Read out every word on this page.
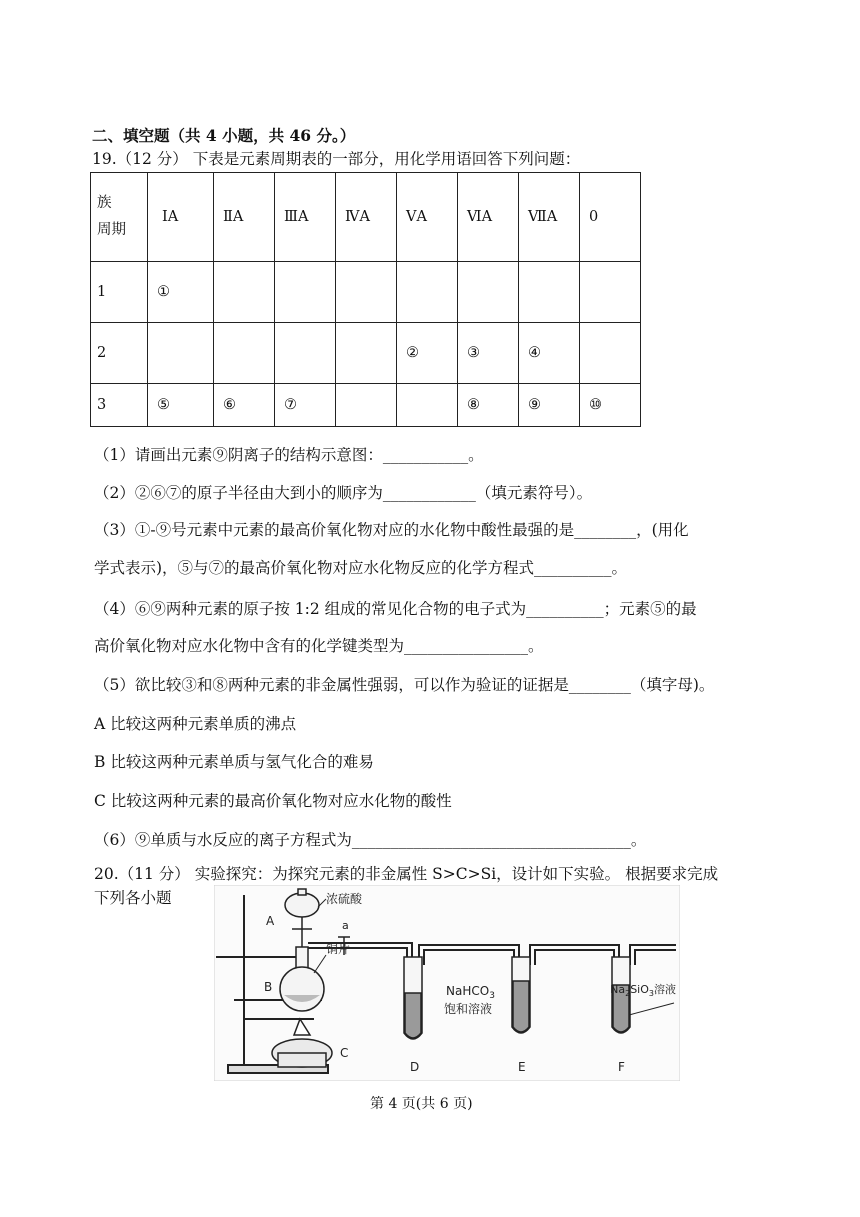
二、填空题（共 4 小题，共 46 分。）
19.（12 分） 下表是元素周期表的一部分，用化学用语回答下列问题：
族
周期	ⅠA	ⅡA	ⅢA	ⅣA	ⅤA	ⅥA	ⅦA	0
1	①							
2					②	③	④	
3	⑤	⑥	⑦			⑧	⑨	⑩
（1）请画出元素⑨阴离子的结构示意图：___________。
（2）②⑥⑦的原子半径由大到小的顺序为____________（填元素符号）。
（3）①-⑨号元素中元素的最高价氧化物对应的水化物中酸性最强的是________，(用化
学式表示)，⑤与⑦的最高价氧化物对应水化物反应的化学方程式__________。
（4）⑥⑨两种元素的原子按 1:2 组成的常见化合物的电子式为__________；元素⑤的最
高价氧化物对应水化物中含有的化学键类型为________________。
（5）欲比较③和⑧两种元素的非金属性强弱，可以作为验证的证据是________（填字母)。
A 比较这两种元素单质的沸点
B 比较这两种元素单质与氢气化合的难易
C 比较这两种元素的最高价氧化物对应水化物的酸性
（6）⑨单质与水反应的离子方程式为____________________________________。
20.（11 分） 实验探究：为探究元素的非金属性 S>C>Si，设计如下实验。 根据要求完成
下列各小题
A
B
C
D	E	F
a
浓硫酸
铜片
NaHCO$_3$
饱和溶液
$Na_2SiO_3$溶液
第 4 页(共 6 页)
